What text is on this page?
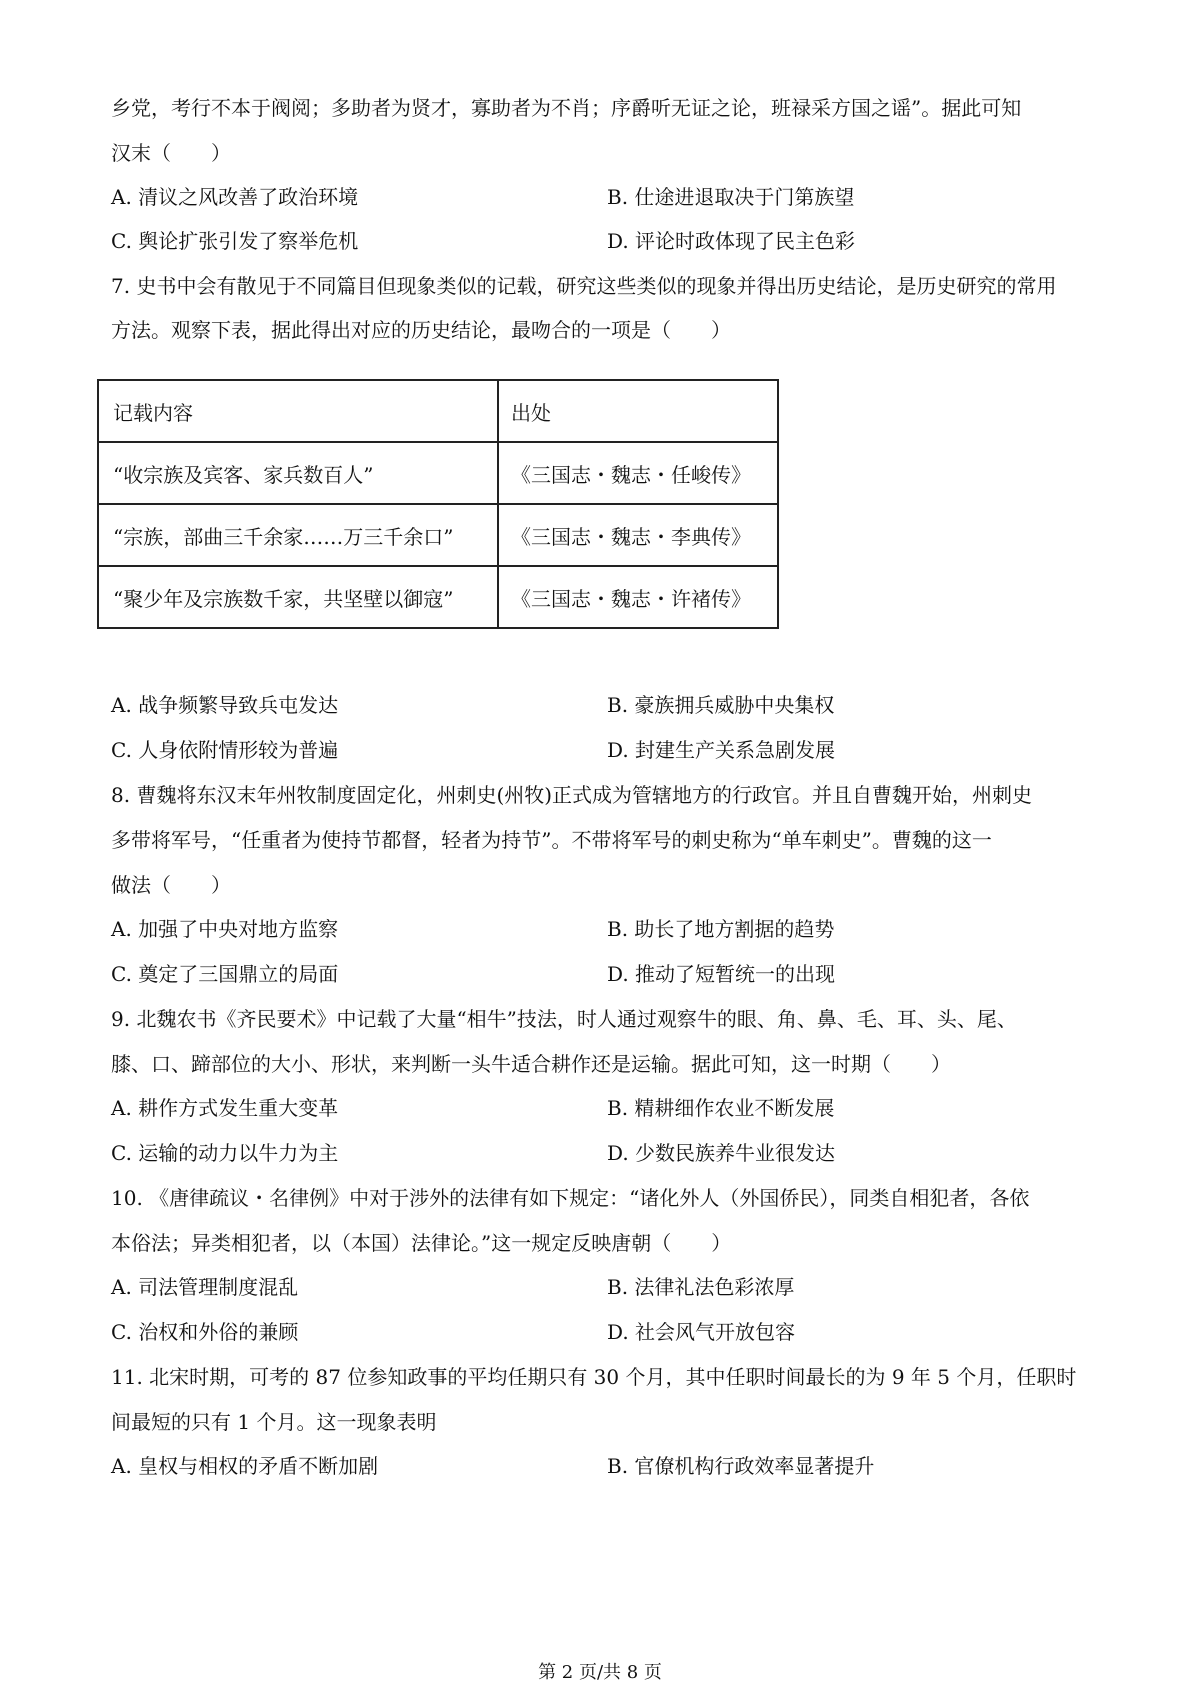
乡党，考行不本于阀阅；多助者为贤才，寡助者为不肖；序爵听无证之论，班禄采方国之谣”。据此可知
汉末（　　）
A. 清议之风改善了政治环境	B. 仕途进退取决于门第族望
C. 舆论扩张引发了察举危机	D. 评论时政体现了民主色彩
7. 史书中会有散见于不同篇目但现象类似的记载，研究这些类似的现象并得出历史结论，是历史研究的常用
方法。观察下表，据此得出对应的历史结论，最吻合的一项是（　　）
记载内容	出处
“收宗族及宾客、家兵数百人”	《三国志・魏志・任峻传》
“宗族，部曲三千余家……万三千余口”	《三国志・魏志・李典传》
“聚少年及宗族数千家，共坚壁以御寇”	《三国志・魏志・许褚传》
A. 战争频繁导致兵屯发达	B. 豪族拥兵威胁中央集权
C. 人身依附情形较为普遍	D. 封建生产关系急剧发展
8. 曹魏将东汉末年州牧制度固定化，州刺史(州牧)正式成为管辖地方的行政官。并且自曹魏开始，州刺史
多带将军号，“任重者为使持节都督，轻者为持节”。不带将军号的刺史称为“单车刺史”。曹魏的这一
做法（　　）
A. 加强了中央对地方监察	B. 助长了地方割据的趋势
C. 奠定了三国鼎立的局面	D. 推动了短暂统一的出现
9. 北魏农书《齐民要术》中记载了大量“相牛”技法，时人通过观察牛的眼、角、鼻、毛、耳、头、尾、
膝、口、蹄部位的大小、形状，来判断一头牛适合耕作还是运输。据此可知，这一时期（　　）
A. 耕作方式发生重大变革	B. 精耕细作农业不断发展
C. 运输的动力以牛力为主	D. 少数民族养牛业很发达
10. 《唐律疏议・名律例》中对于涉外的法律有如下规定：“诸化外人（外国侨民），同类自相犯者，各依
本俗法；异类相犯者，以（本国）法律论。”这一规定反映唐朝（　　）
A. 司法管理制度混乱	B. 法律礼法色彩浓厚
C. 治权和外俗的兼顾	D. 社会风气开放包容
11. 北宋时期，可考的 87 位参知政事的平均任期只有 30 个月，其中任职时间最长的为 9 年 5 个月，任职时
间最短的只有 1 个月。这一现象表明
A. 皇权与相权的矛盾不断加剧	B. 官僚机构行政效率显著提升
第 2 页/共 8 页
